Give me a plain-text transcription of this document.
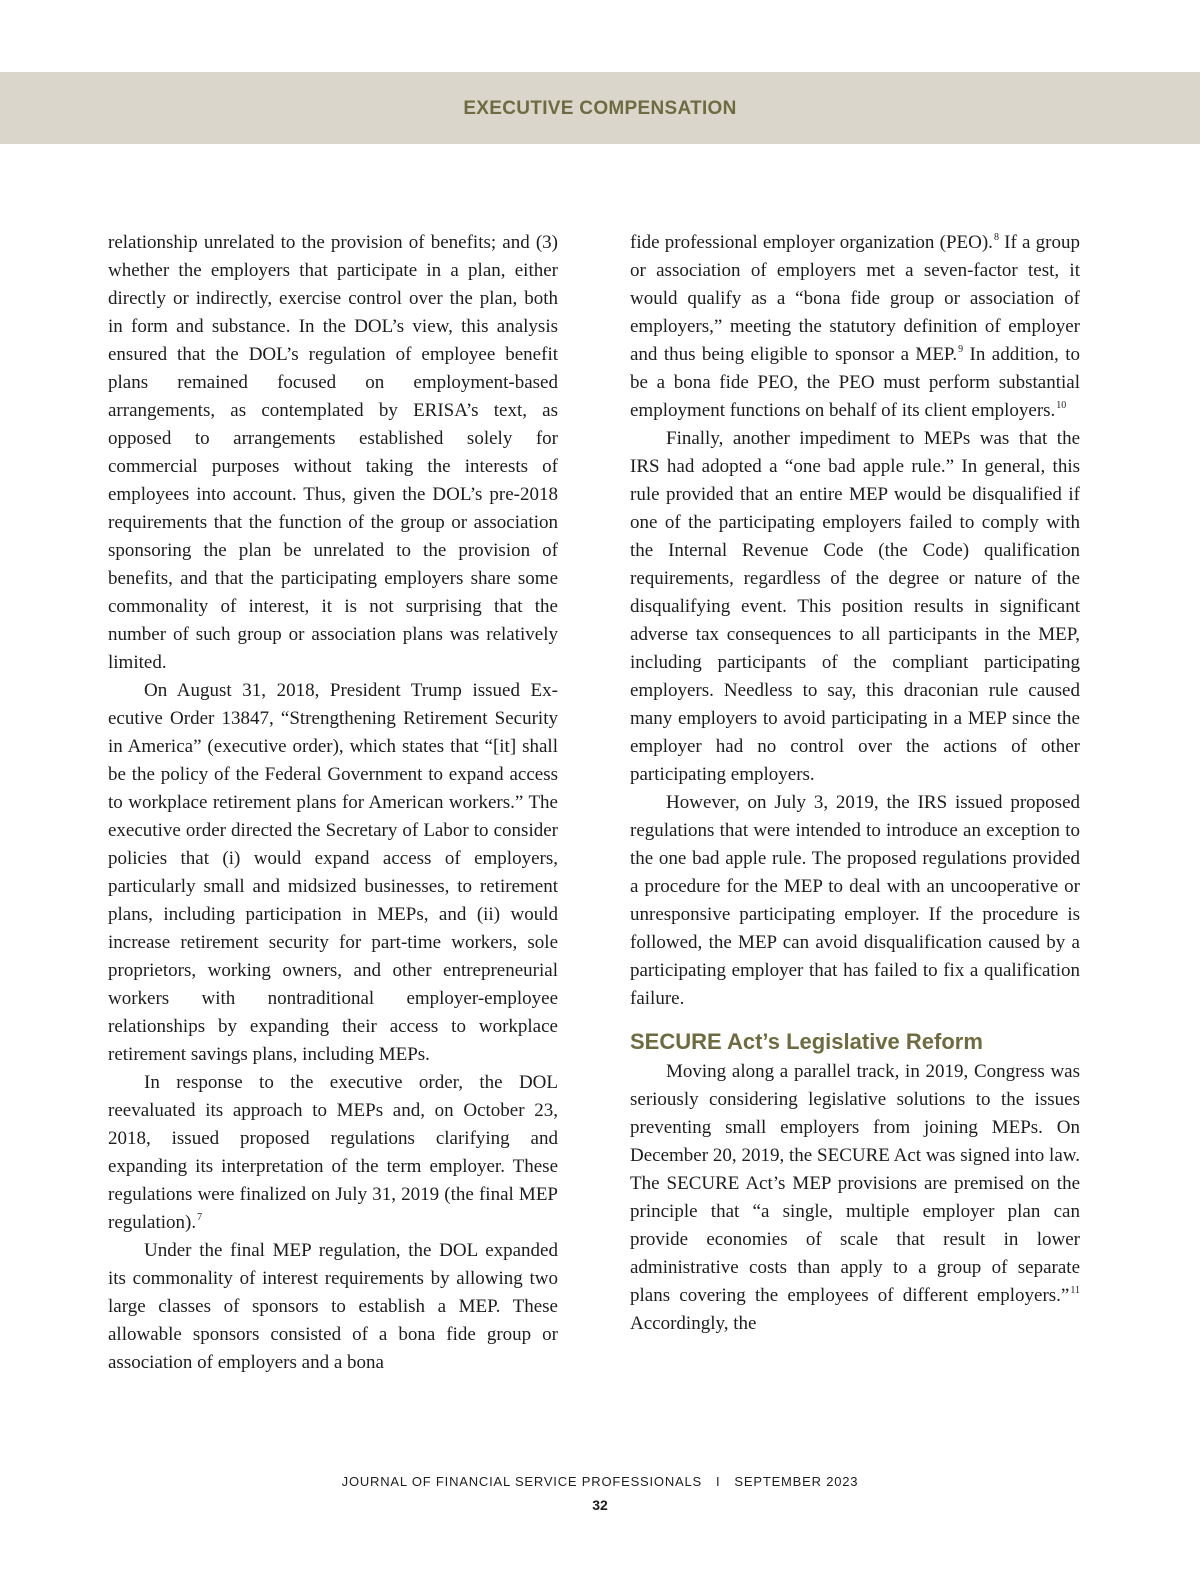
EXECUTIVE COMPENSATION

relationship unrelated to the provision of benefits; and (3) whether the employers that participate in a plan, either directly or indirectly, exercise control over the plan, both in form and substance. In the DOL’s view, this analysis ensured that the DOL’s regulation of employee benefit plans remained focused on employment-based arrangements, as contemplated by ERISA’s text, as opposed to arrangements established solely for commercial purposes without taking the interests of employees into account. Thus, given the DOL’s pre-2018 requirements that the function of the group or association sponsoring the plan be unrelated to the provision of benefits, and that the participating employers share some commonality of interest, it is not surprising that the number of such group or association plans was relatively limited.

On August 31, 2018, President Trump issued Executive Order 13847, “Strengthening Retirement Security in America” (executive order), which states that “[it] shall be the policy of the Federal Government to expand access to workplace retirement plans for American workers.” The executive order directed the Secretary of Labor to consider policies that (i) would expand access of employers, particularly small and midsized businesses, to retirement plans, including participation in MEPs, and (ii) would increase retirement security for part-time workers, sole proprietors, working owners, and other entrepreneurial workers with nontraditional employer-employee relationships by expanding their access to workplace retirement savings plans, including MEPs.

In response to the executive order, the DOL reevaluated its approach to MEPs and, on October 23, 2018, issued proposed regulations clarifying and expanding its interpretation of the term employer. These regulations were finalized on July 31, 2019 (the final MEP regulation).$^7$

Under the final MEP regulation, the DOL expanded its commonality of interest requirements by allowing two large classes of sponsors to establish a MEP. These allowable sponsors consisted of a bona fide group or association of employers and a bona

fide professional employer organization (PEO).$^8$ If a group or association of employers met a seven-factor test, it would qualify as a “bona fide group or association of employers,” meeting the statutory definition of employer and thus being eligible to sponsor a MEP.$^9$ In addition, to be a bona fide PEO, the PEO must perform substantial employment functions on behalf of its client employers.$^{10}$

Finally, another impediment to MEPs was that the IRS had adopted a “one bad apple rule.” In general, this rule provided that an entire MEP would be disqualified if one of the participating employers failed to comply with the Internal Revenue Code (the Code) qualification requirements, regardless of the degree or nature of the disqualifying event. This position results in significant adverse tax consequences to all participants in the MEP, including participants of the compliant participating employers. Needless to say, this draconian rule caused many employers to avoid participating in a MEP since the employer had no control over the actions of other participating employers.

However, on July 3, 2019, the IRS issued proposed regulations that were intended to introduce an exception to the one bad apple rule. The proposed regulations provided a procedure for the MEP to deal with an uncooperative or unresponsive participating employer. If the procedure is followed, the MEP can avoid disqualification caused by a participating employer that has failed to fix a qualification failure.

SECURE Act’s Legislative Reform

Moving along a parallel track, in 2019, Congress was seriously considering legislative solutions to the issues preventing small employers from joining MEPs. On December 20, 2019, the SECURE Act was signed into law. The SECURE Act’s MEP provisions are premised on the principle that “a single, multiple employer plan can provide economies of scale that result in lower administrative costs than apply to a group of separate plans covering the employees of different employers.”$^{11}$ Accordingly, the

JOURNAL OF FINANCIAL SERVICE PROFESSIONALS I SEPTEMBER 2023
32
